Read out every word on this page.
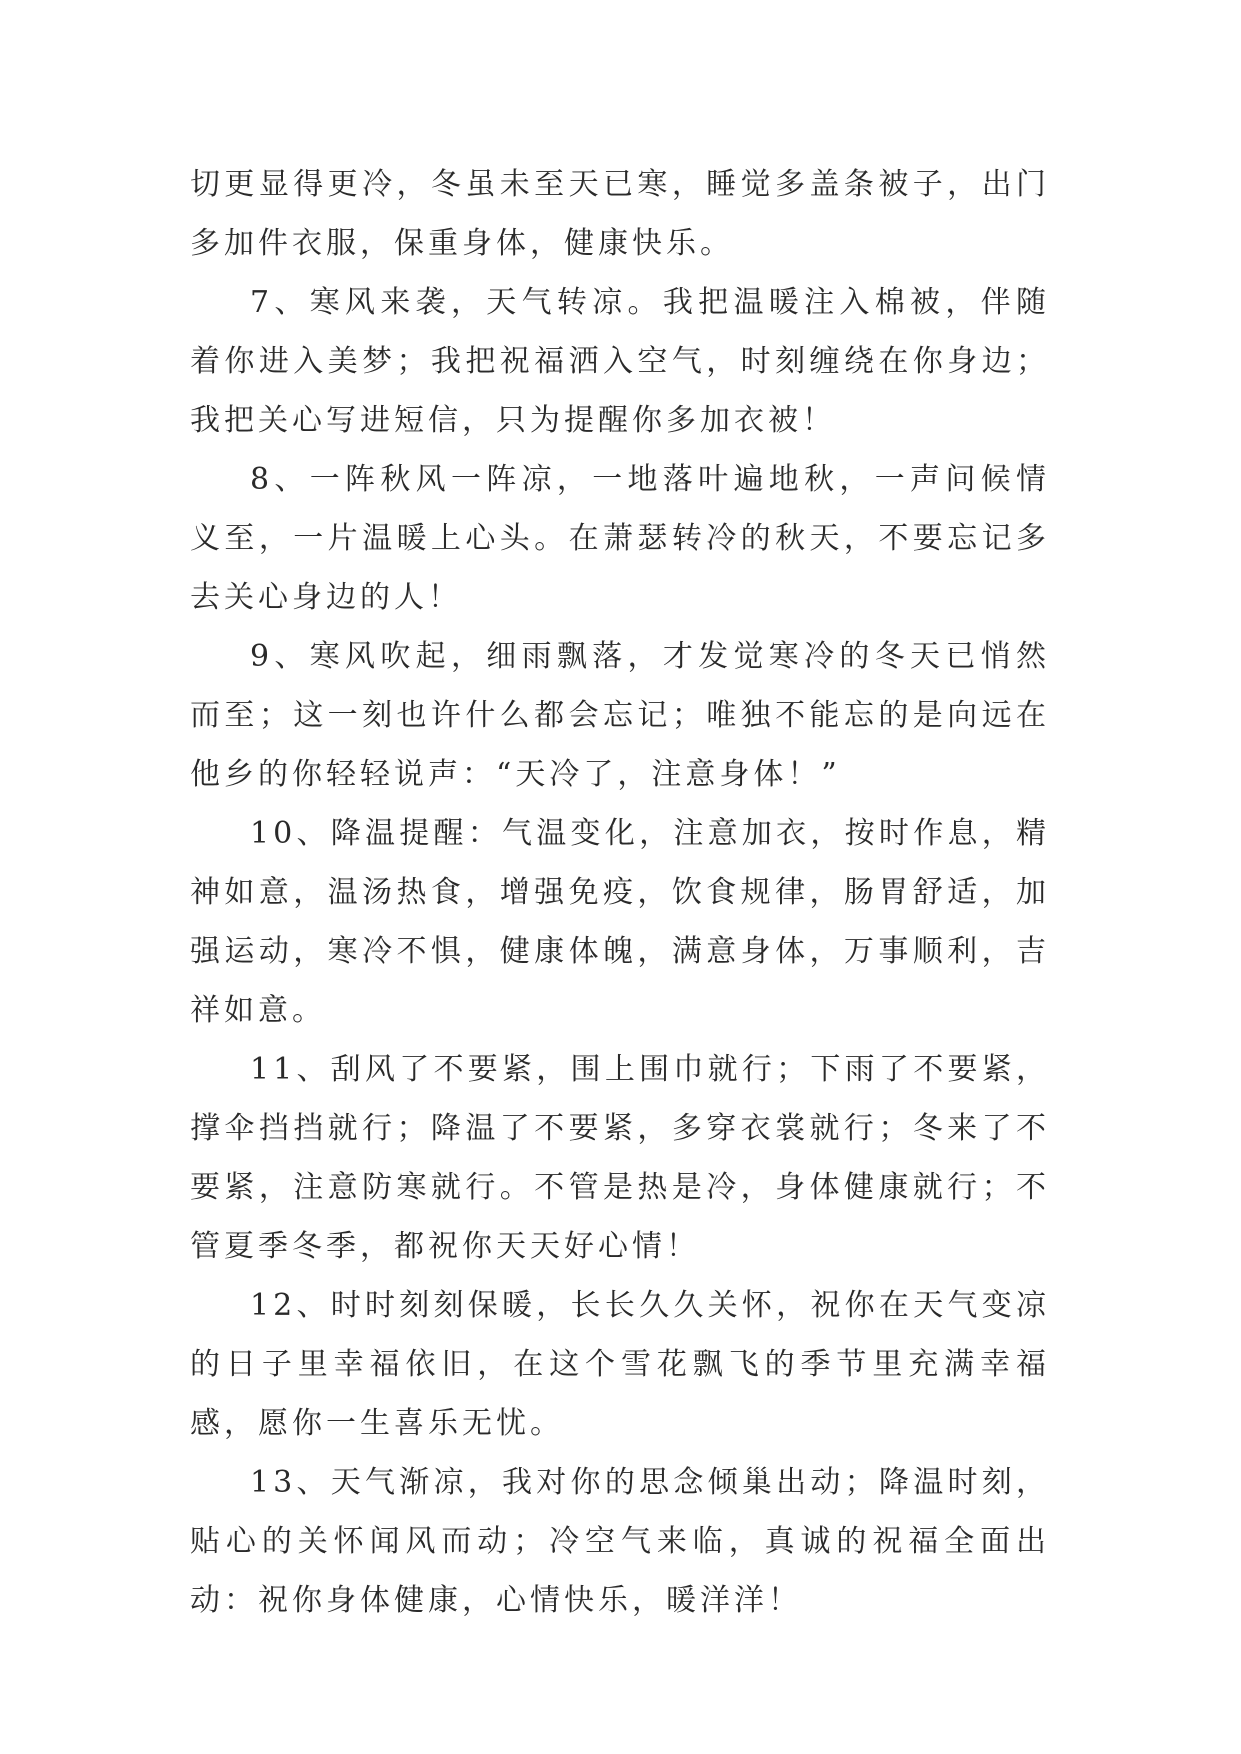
切更显得更冷，冬虽未至天已寒，睡觉多盖条被子，出门多加件衣服，保重身体，健康快乐。

7、寒风来袭，天气转凉。我把温暖注入棉被，伴随着你进入美梦；我把祝福洒入空气，时刻缠绕在你身边；我把关心写进短信，只为提醒你多加衣被！

8、一阵秋风一阵凉，一地落叶遍地秋，一声问候情义至，一片温暖上心头。在萧瑟转冷的秋天，不要忘记多去关心身边的人！

9、寒风吹起，细雨飘落，才发觉寒冷的冬天已悄然而至；这一刻也许什么都会忘记；唯独不能忘的是向远在他乡的你轻轻说声：“天冷了，注意身体！”

10、降温提醒：气温变化，注意加衣，按时作息，精神如意，温汤热食，增强免疫，饮食规律，肠胃舒适，加强运动，寒冷不惧，健康体魄，满意身体，万事顺利，吉祥如意。

11、刮风了不要紧，围上围巾就行；下雨了不要紧，撑伞挡挡就行；降温了不要紧，多穿衣裳就行；冬来了不要紧，注意防寒就行。不管是热是冷，身体健康就行；不管夏季冬季，都祝你天天好心情！

12、时时刻刻保暖，长长久久关怀，祝你在天气变凉的日子里幸福依旧，在这个雪花飘飞的季节里充满幸福感，愿你一生喜乐无忧。

13、天气渐凉，我对你的思念倾巢出动；降温时刻，贴心的关怀闻风而动；冷空气来临，真诚的祝福全面出动：祝你身体健康，心情快乐，暖洋洋！
